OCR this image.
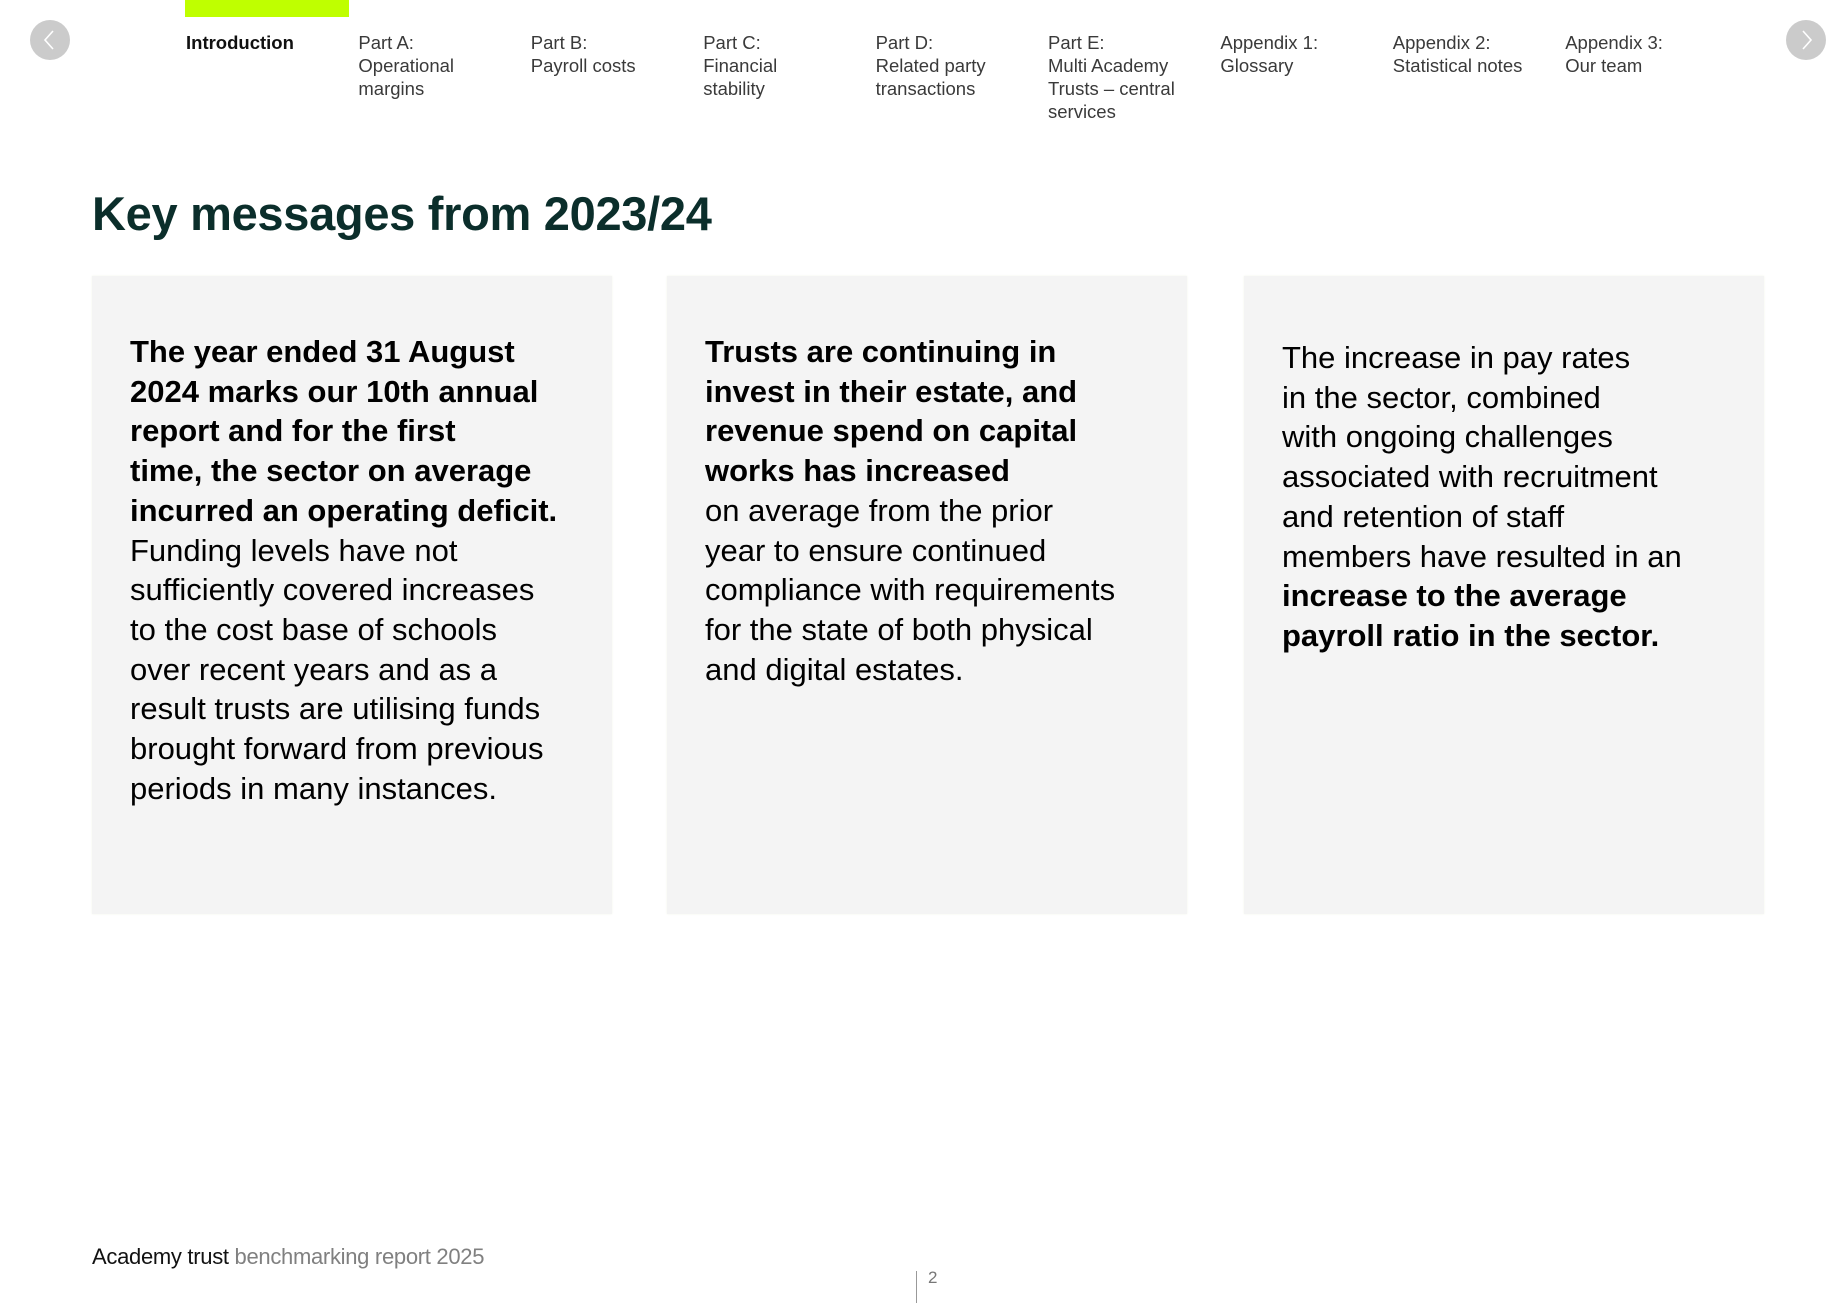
Introduction	Part A:
Operational
margins
Part B:
Payroll costs
Part C:
Financial
stability
Part D:
Related party
transactions
Part E:
Multi Academy
Trusts – central
services
Appendix 1:
Glossary
Appendix 2:
Statistical notes
Appendix 3:
Our team
Key messages from 2023/24
The year ended 31 August
2024 marks our 10th annual
report and for the first
time, the sector on average
incurred an operating deficit.
Funding levels have not
sufficiently covered increases
to the cost base of schools
over recent years and as a
result trusts are utilising funds
brought forward from previous
periods in many instances.
Trusts are continuing in
invest in their estate, and
revenue spend on capital
works has increased
on average from the prior
year to ensure continued
compliance with requirements
for the state of both physical
and digital estates.
The increase in pay rates
in the sector, combined
with ongoing challenges
associated with recruitment
and retention of staff
members have resulted in an
increase to the average
payroll ratio in the sector.
Academy trust benchmarking report 2025
2
